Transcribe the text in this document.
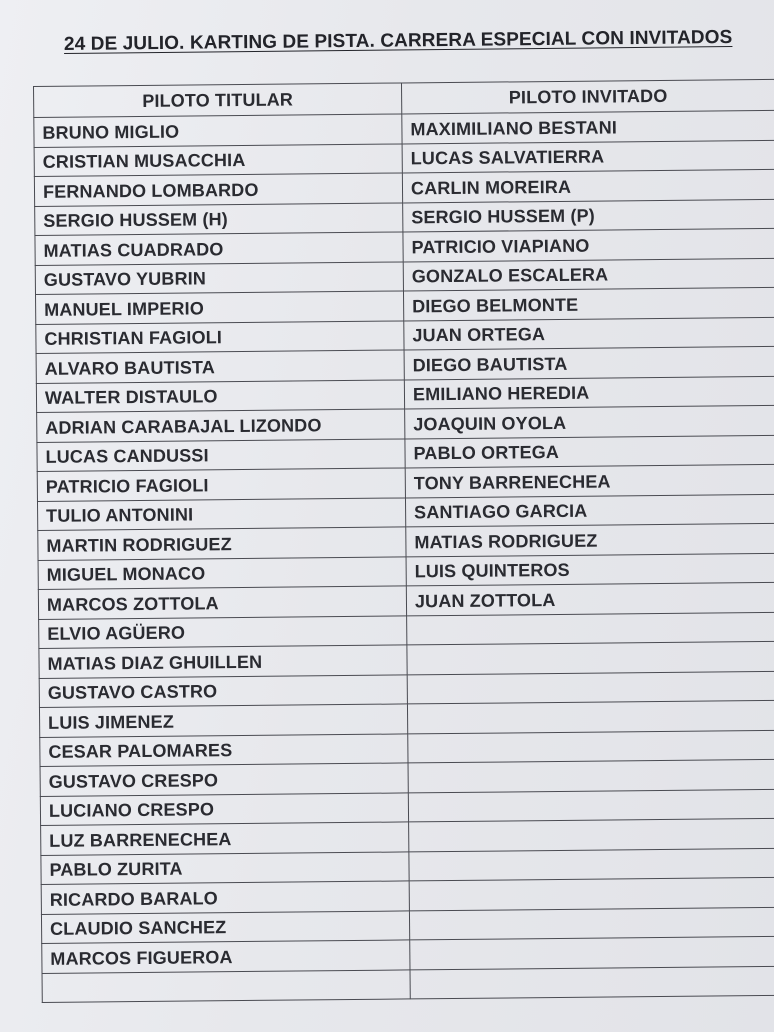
24 DE JULIO. KARTING DE PISTA. CARRERA ESPECIAL CON INVITADOS
PILOTO TITULAR	PILOTO INVITADO
BRUNO MIGLIO	MAXIMILIANO BESTANI
CRISTIAN MUSACCHIA	LUCAS SALVATIERRA
FERNANDO LOMBARDO	CARLIN MOREIRA
SERGIO HUSSEM (H)	SERGIO HUSSEM (P)
MATIAS CUADRADO	PATRICIO VIAPIANO
GUSTAVO YUBRIN	GONZALO ESCALERA
MANUEL IMPERIO	DIEGO BELMONTE
CHRISTIAN FAGIOLI	JUAN ORTEGA
ALVARO BAUTISTA	DIEGO BAUTISTA
WALTER DISTAULO	EMILIANO HEREDIA
ADRIAN CARABAJAL LIZONDO	JOAQUIN OYOLA
LUCAS CANDUSSI	PABLO ORTEGA
PATRICIO FAGIOLI	TONY BARRENECHEA
TULIO ANTONINI	SANTIAGO GARCIA
MARTIN RODRIGUEZ	MATIAS RODRIGUEZ
MIGUEL MONACO	LUIS QUINTEROS
MARCOS ZOTTOLA	JUAN ZOTTOLA
ELVIO AGÜERO	
MATIAS DIAZ GHUILLEN	
GUSTAVO CASTRO	
LUIS JIMENEZ	
CESAR PALOMARES	
GUSTAVO CRESPO	
LUCIANO CRESPO	
LUZ BARRENECHEA	
PABLO ZURITA	
RICARDO BARALO	
CLAUDIO SANCHEZ	
MARCOS FIGUEROA	
